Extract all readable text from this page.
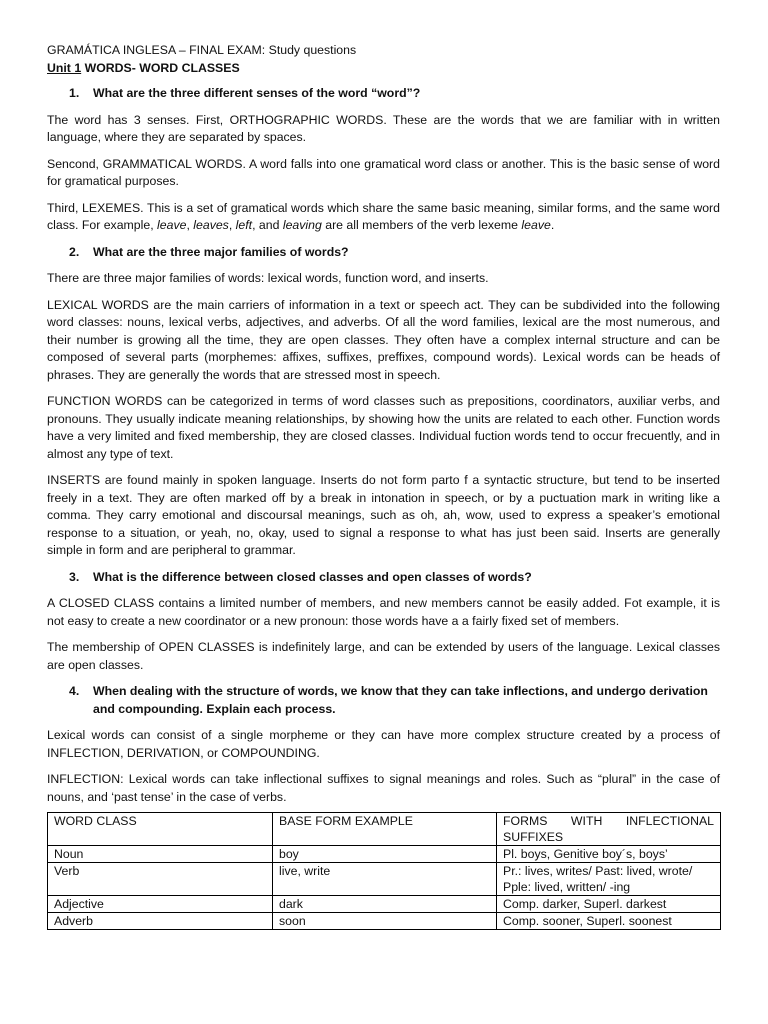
GRAMÁTICA INGLESA – FINAL EXAM: Study questions

Unit 1 WORDS- WORD CLASSES

1. What are the three different senses of the word “word”?

The word has 3 senses. First, ORTHOGRAPHIC WORDS. These are the words that we are familiar with in written language, where they are separated by spaces.

Sencond, GRAMMATICAL WORDS. A word falls into one gramatical word class or another. This is the basic sense of word for gramatical purposes.

Third, LEXEMES. This is a set of gramatical words which share the same basic meaning, similar forms, and the same word class. For example, leave, leaves, left, and leaving are all members of the verb lexeme leave.

2. What are the three major families of words?

There are three major families of words: lexical words, function word, and inserts.

LEXICAL WORDS are the main carriers of information in a text or speech act. They can be subdivided into the following word classes: nouns, lexical verbs, adjectives, and adverbs. Of all the word families, lexical are the most numerous, and their number is growing all the time, they are open classes. They often have a complex internal structure and can be composed of several parts (morphemes: affixes, suffixes, preffixes, compound words). Lexical words can be heads of phrases. They are generally the words that are stressed most in speech.

FUNCTION WORDS can be categorized in terms of word classes such as prepositions, coordinators, auxiliar verbs, and pronouns. They usually indicate meaning relationships, by showing how the units are related to each other. Function words have a very limited and fixed membership, they are closed classes. Individual fuction words tend to occur frecuently, and in almost any type of text.

INSERTS are found mainly in spoken language. Inserts do not form parto f a syntactic structure, but tend to be inserted freely in a text. They are often marked off by a break in intonation in speech, or by a puctuation mark in writing like a comma. They carry emotional and discoursal meanings, such as oh, ah, wow, used to express a speaker’s emotional response to a situation, or yeah, no, okay, used to signal a response to what has just been said. Inserts are generally simple in form and are peripheral to grammar.

3. What is the difference between closed classes and open classes of words?

A CLOSED CLASS contains a limited number of members, and new members cannot be easily added. Fot example, it is not easy to create a new coordinator or a new pronoun: those words have a a fairly fixed set of members.

The membership of OPEN CLASSES is indefinitely large, and can be extended by users of the language. Lexical classes are open classes.

4. When dealing with the structure of words, we know that they can take inflections, and undergo derivation and compounding. Explain each process.

Lexical words can consist of a single morpheme or they can have more complex structure created by a process of INFLECTION, DERIVATION, or COMPOUNDING.

INFLECTION: Lexical words can take inflectional suffixes to signal meanings and roles. Such as “plural” in the case of nouns, and ‘past tense’ in the case of verbs.

WORD CLASS	BASE FORM EXAMPLE	FORMS WITH INFLECTIONAL
SUFFIXES

Noun	boy	Pl. boys, Genitive boy´s, boys’
Verb	live, write	Pr.: lives, writes/ Past: lived, wrote/
Pple: lived, written/ -ing

Adjective	dark	Comp. darker, Superl. darkest
Adverb	soon	Comp. sooner, Superl. soonest
